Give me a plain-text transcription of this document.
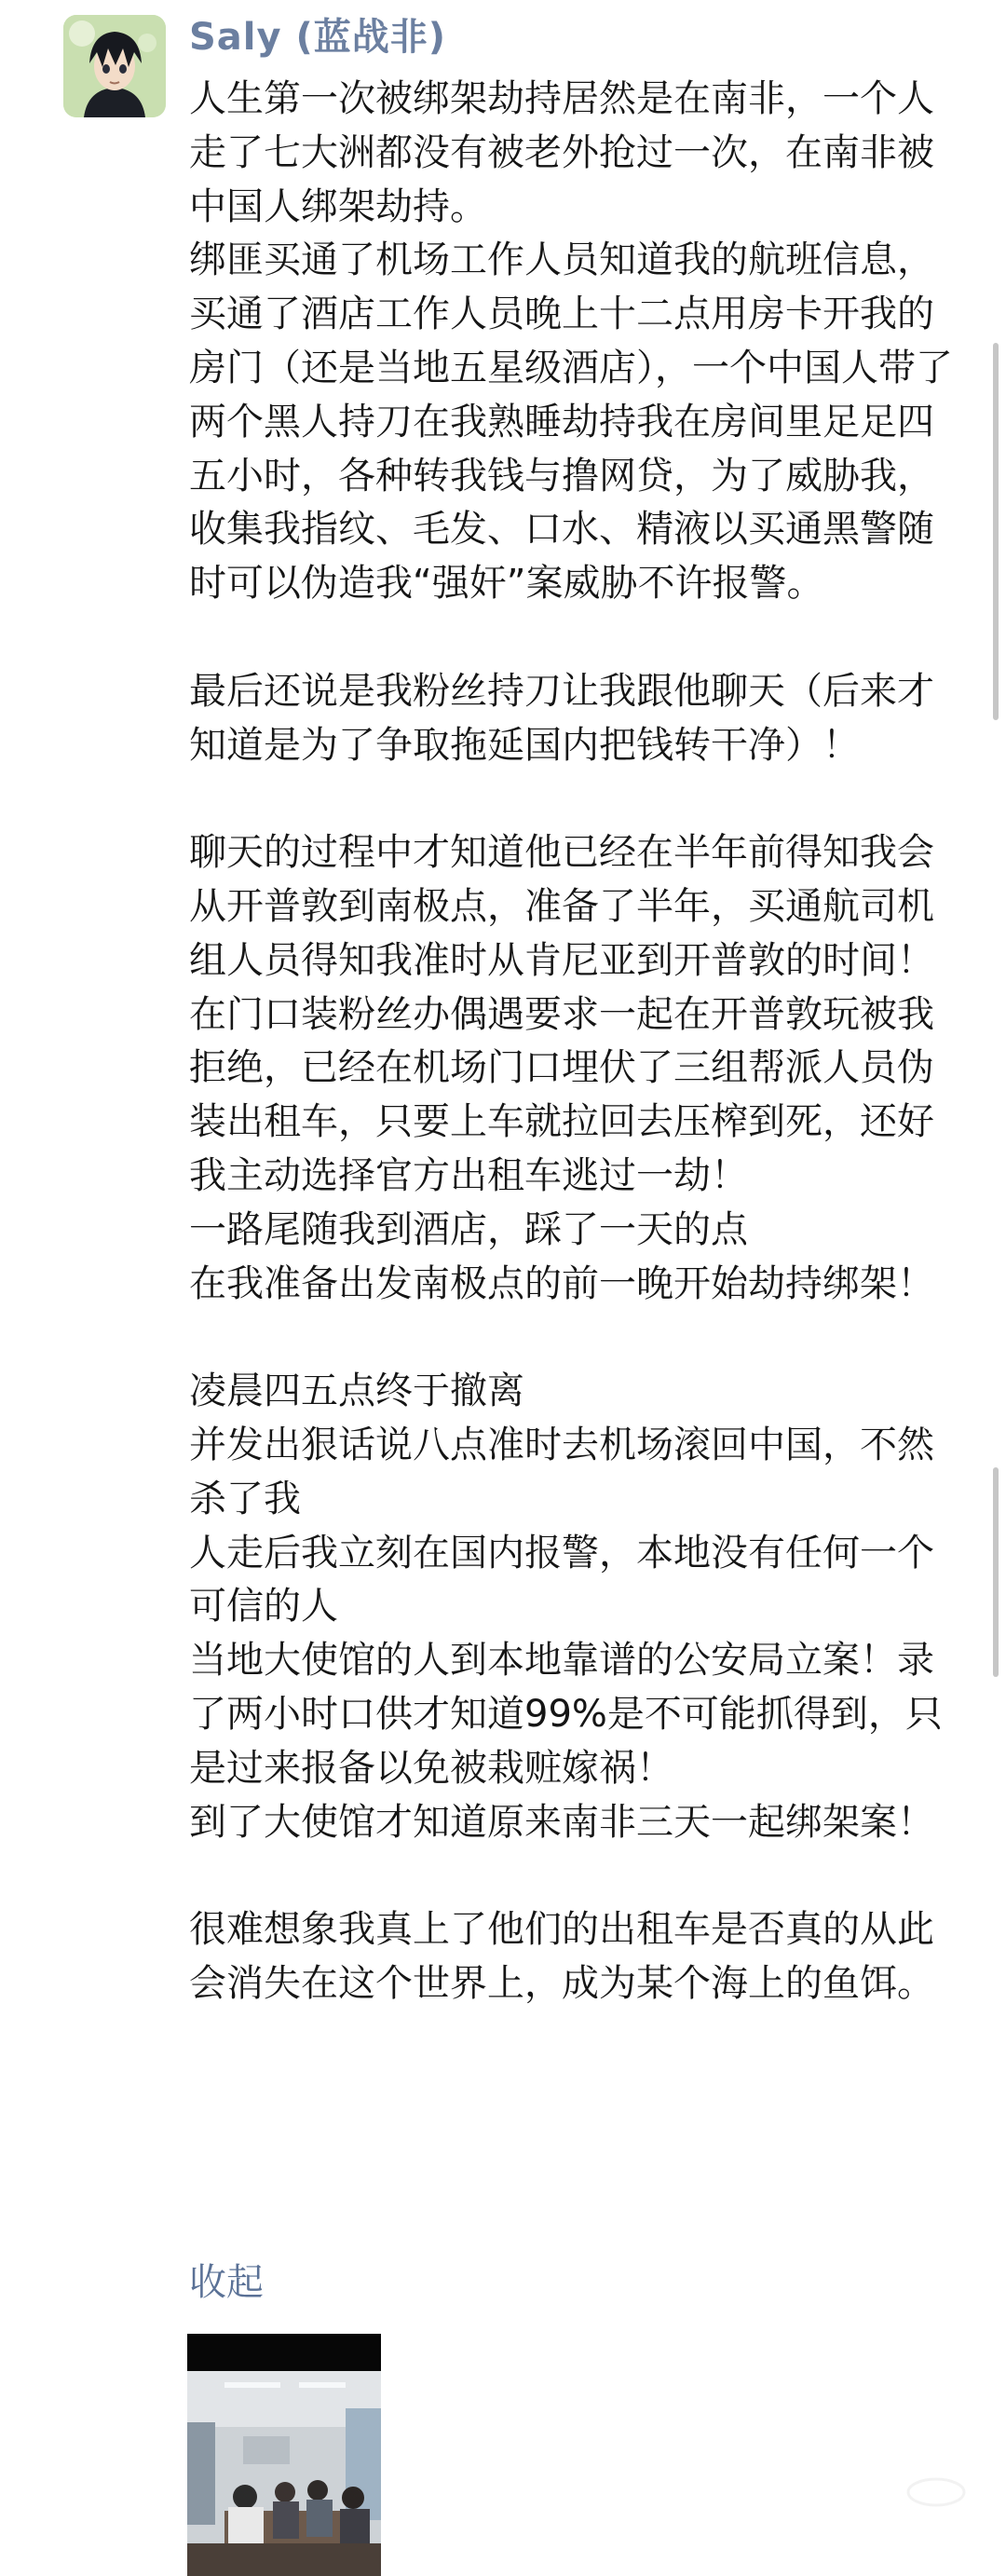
Saly (蓝战非)

人生第一次被绑架劫持居然是在南非，一个人走了七大洲都没有被老外抢过一次，在南非被中国人绑架劫持。
绑匪买通了机场工作人员知道我的航班信息，买通了酒店工作人员晚上十二点用房卡开我的房门（还是当地五星级酒店），一个中国人带了两个黑人持刀在我熟睡劫持我在房间里足足四五小时，各种转我钱与撸网贷，为了威胁我，收集我指纹、毛发、口水、精液以买通黑警随时可以伪造我“强奸”案威胁不许报警。

最后还说是我粉丝持刀让我跟他聊天（后来才知道是为了争取拖延国内把钱转干净）！

聊天的过程中才知道他已经在半年前得知我会从开普敦到南极点，准备了半年，买通航司机组人员得知我准时从肯尼亚到开普敦的时间！
在门口装粉丝办偶遇要求一起在开普敦玩被我拒绝，已经在机场门口埋伏了三组帮派人员伪装出租车，只要上车就拉回去压榨到死，还好我主动选择官方出租车逃过一劫！
一路尾随我到酒店，踩了一天的点
在我准备出发南极点的前一晚开始劫持绑架！

凌晨四五点终于撤离
并发出狠话说八点准时去机场滚回中国，不然杀了我
人走后我立刻在国内报警，本地没有任何一个可信的人
当地大使馆的人到本地靠谱的公安局立案！录了两小时口供才知道99%是不可能抓得到，只是过来报备以免被栽赃嫁祸！
到了大使馆才知道原来南非三天一起绑架案！

很难想象我真上了他们的出租车是否真的从此会消失在这个世界上，成为某个海上的鱼饵。

收起
